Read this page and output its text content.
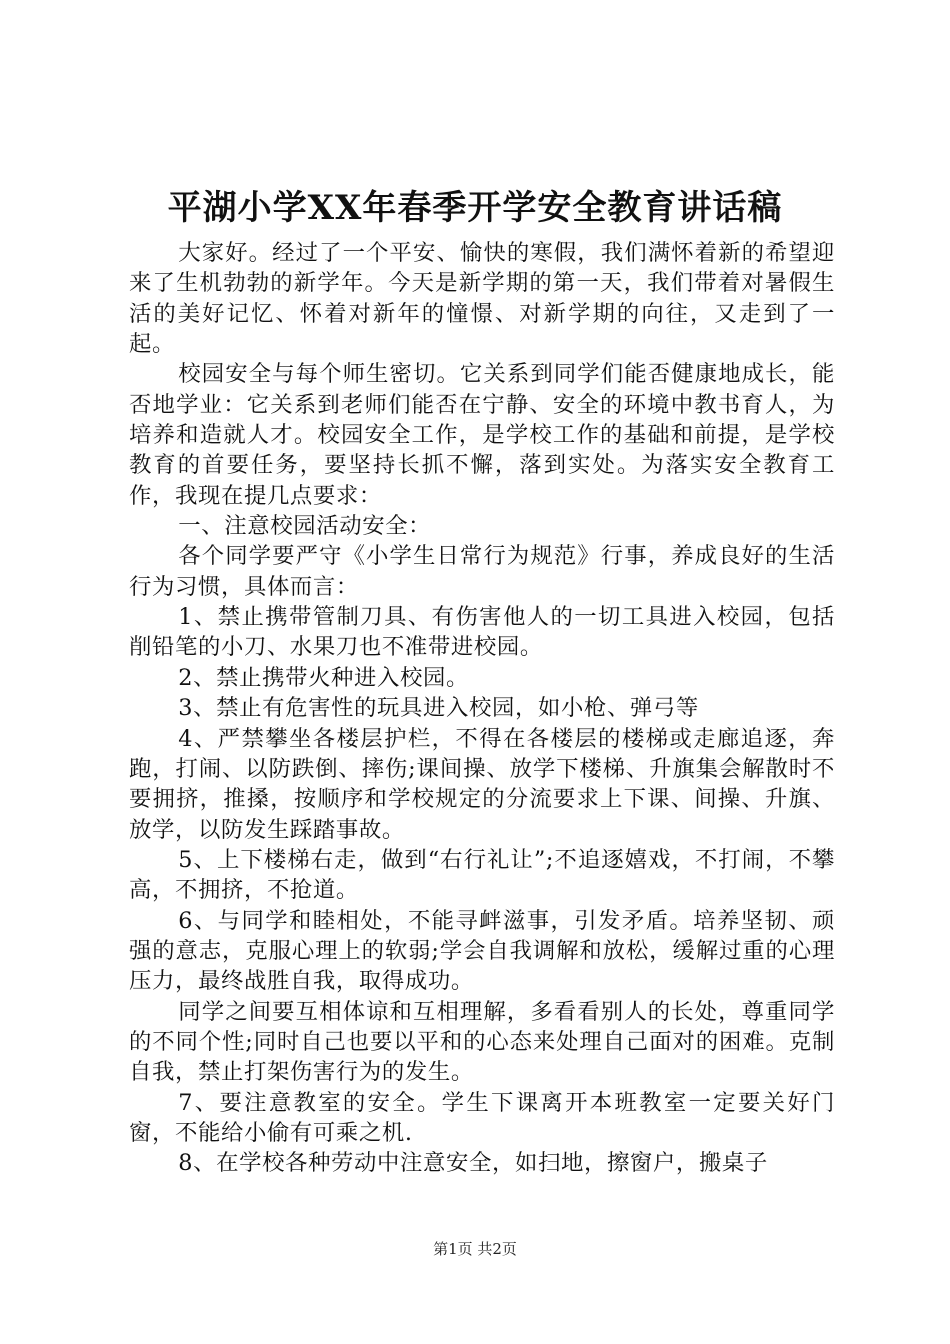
平湖小学XX年春季开学安全教育讲话稿

大家好。经过了一个平安、愉快的寒假，我们满怀着新的希望迎来了生机勃勃的新学年。今天是新学期的第一天，我们带着对暑假生活的美好记忆、怀着对新年的憧憬、对新学期的向往，又走到了一起。

校园安全与每个师生密切。它关系到同学们能否健康地成长，能否地学业：它关系到老师们能否在宁静、安全的环境中教书育人，为培养和造就人才。校园安全工作，是学校工作的基础和前提，是学校教育的首要任务，要坚持长抓不懈，落到实处。为落实安全教育工作，我现在提几点要求：

一、注意校园活动安全：

各个同学要严守《小学生日常行为规范》行事，养成良好的生活行为习惯，具体而言：

1、禁止携带管制刀具、有伤害他人的一切工具进入校园，包括削铅笔的小刀、水果刀也不准带进校园。

2、禁止携带火种进入校园。

3、禁止有危害性的玩具进入校园，如小枪、弹弓等

4、严禁攀坐各楼层护栏，不得在各楼层的楼梯或走廊追逐，奔跑，打闹、以防跌倒、摔伤;课间操、放学下楼梯、升旗集会解散时不要拥挤，推搡，按顺序和学校规定的分流要求上下课、间操、升旗、放学，以防发生踩踏事故。

5、上下楼梯右走，做到“右行礼让”;不追逐嬉戏，不打闹，不攀高，不拥挤，不抢道。

6、与同学和睦相处，不能寻衅滋事，引发矛盾。培养坚韧、顽强的意志，克服心理上的软弱;学会自我调解和放松，缓解过重的心理压力，最终战胜自我，取得成功。

同学之间要互相体谅和互相理解，多看看别人的长处，尊重同学的不同个性;同时自己也要以平和的心态来处理自己面对的困难。克制自我，禁止打架伤害行为的发生。

7、要注意教室的安全。学生下课离开本班教室一定要关好门窗，不能给小偷有可乘之机.

8、在学校各种劳动中注意安全，如扫地，擦窗户，搬桌子

第1页 共2页
